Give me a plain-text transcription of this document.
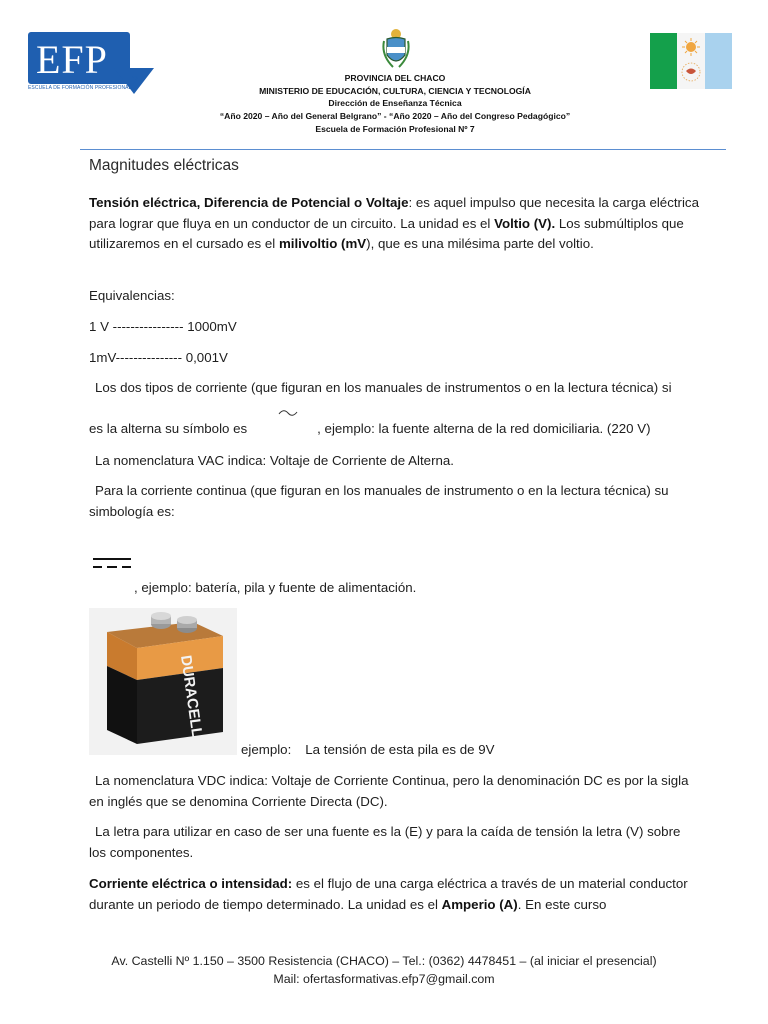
EFP 7
ESCUELA DE FORMACIÓN PROFESIONAL
PROVINCIA DEL CHACO
MINISTERIO DE EDUCACIÓN, CULTURA, CIENCIA Y TECNOLOGÍA
Dirección de Enseñanza Técnica
“Año 2020 – Año del General Belgrano” - “Año 2020 – Año del Congreso Pedagógico”
Escuela de Formación Profesional Nº 7
Magnitudes eléctricas

Tensión eléctrica, Diferencia de Potencial o Voltaje: es aquel impulso que necesita la carga eléctrica para lograr que fluya en un conductor de un circuito. La unidad es el Voltio (V). Los submúltiplos que utilizaremos en el cursado es el milivoltio (mV), que es una milésima parte del voltio.

Equivalencias:

1 V ---------------- 1000mV

1mV--------------- 0,001V

Los dos tipos de corriente (que figuran en los manuales de instrumentos o en la lectura técnica) si

es la alterna su símbolo es	, ejemplo: la fuente alterna de la red domiciliaria. (220 V)

La nomenclatura VAC indica: Voltaje de Corriente de Alterna.

Para la corriente continua (que figuran en los manuales de instrumento o en la lectura técnica) su simbología es:

, ejemplo: batería, pila y fuente de alimentación.

ejemplo: La tensión de esta pila es de 9V

La nomenclatura VDC indica: Voltaje de Corriente Continua, pero la denominación DC es por la sigla en inglés que se denomina Corriente Directa (DC).

La letra para utilizar en caso de ser una fuente es la (E) y para la caída de tensión la letra (V) sobre los componentes.

Corriente eléctrica o intensidad: es el flujo de una carga eléctrica a través de un material conductor durante un periodo de tiempo determinado. La unidad es el Amperio (A). En este curso

DURACELL
Av. Castelli Nº 1.150 – 3500 Resistencia (CHACO) – Tel.: (0362) 4478451 – (al iniciar el presencial)
Mail: ofertasformativas.efp7@gmail.com
